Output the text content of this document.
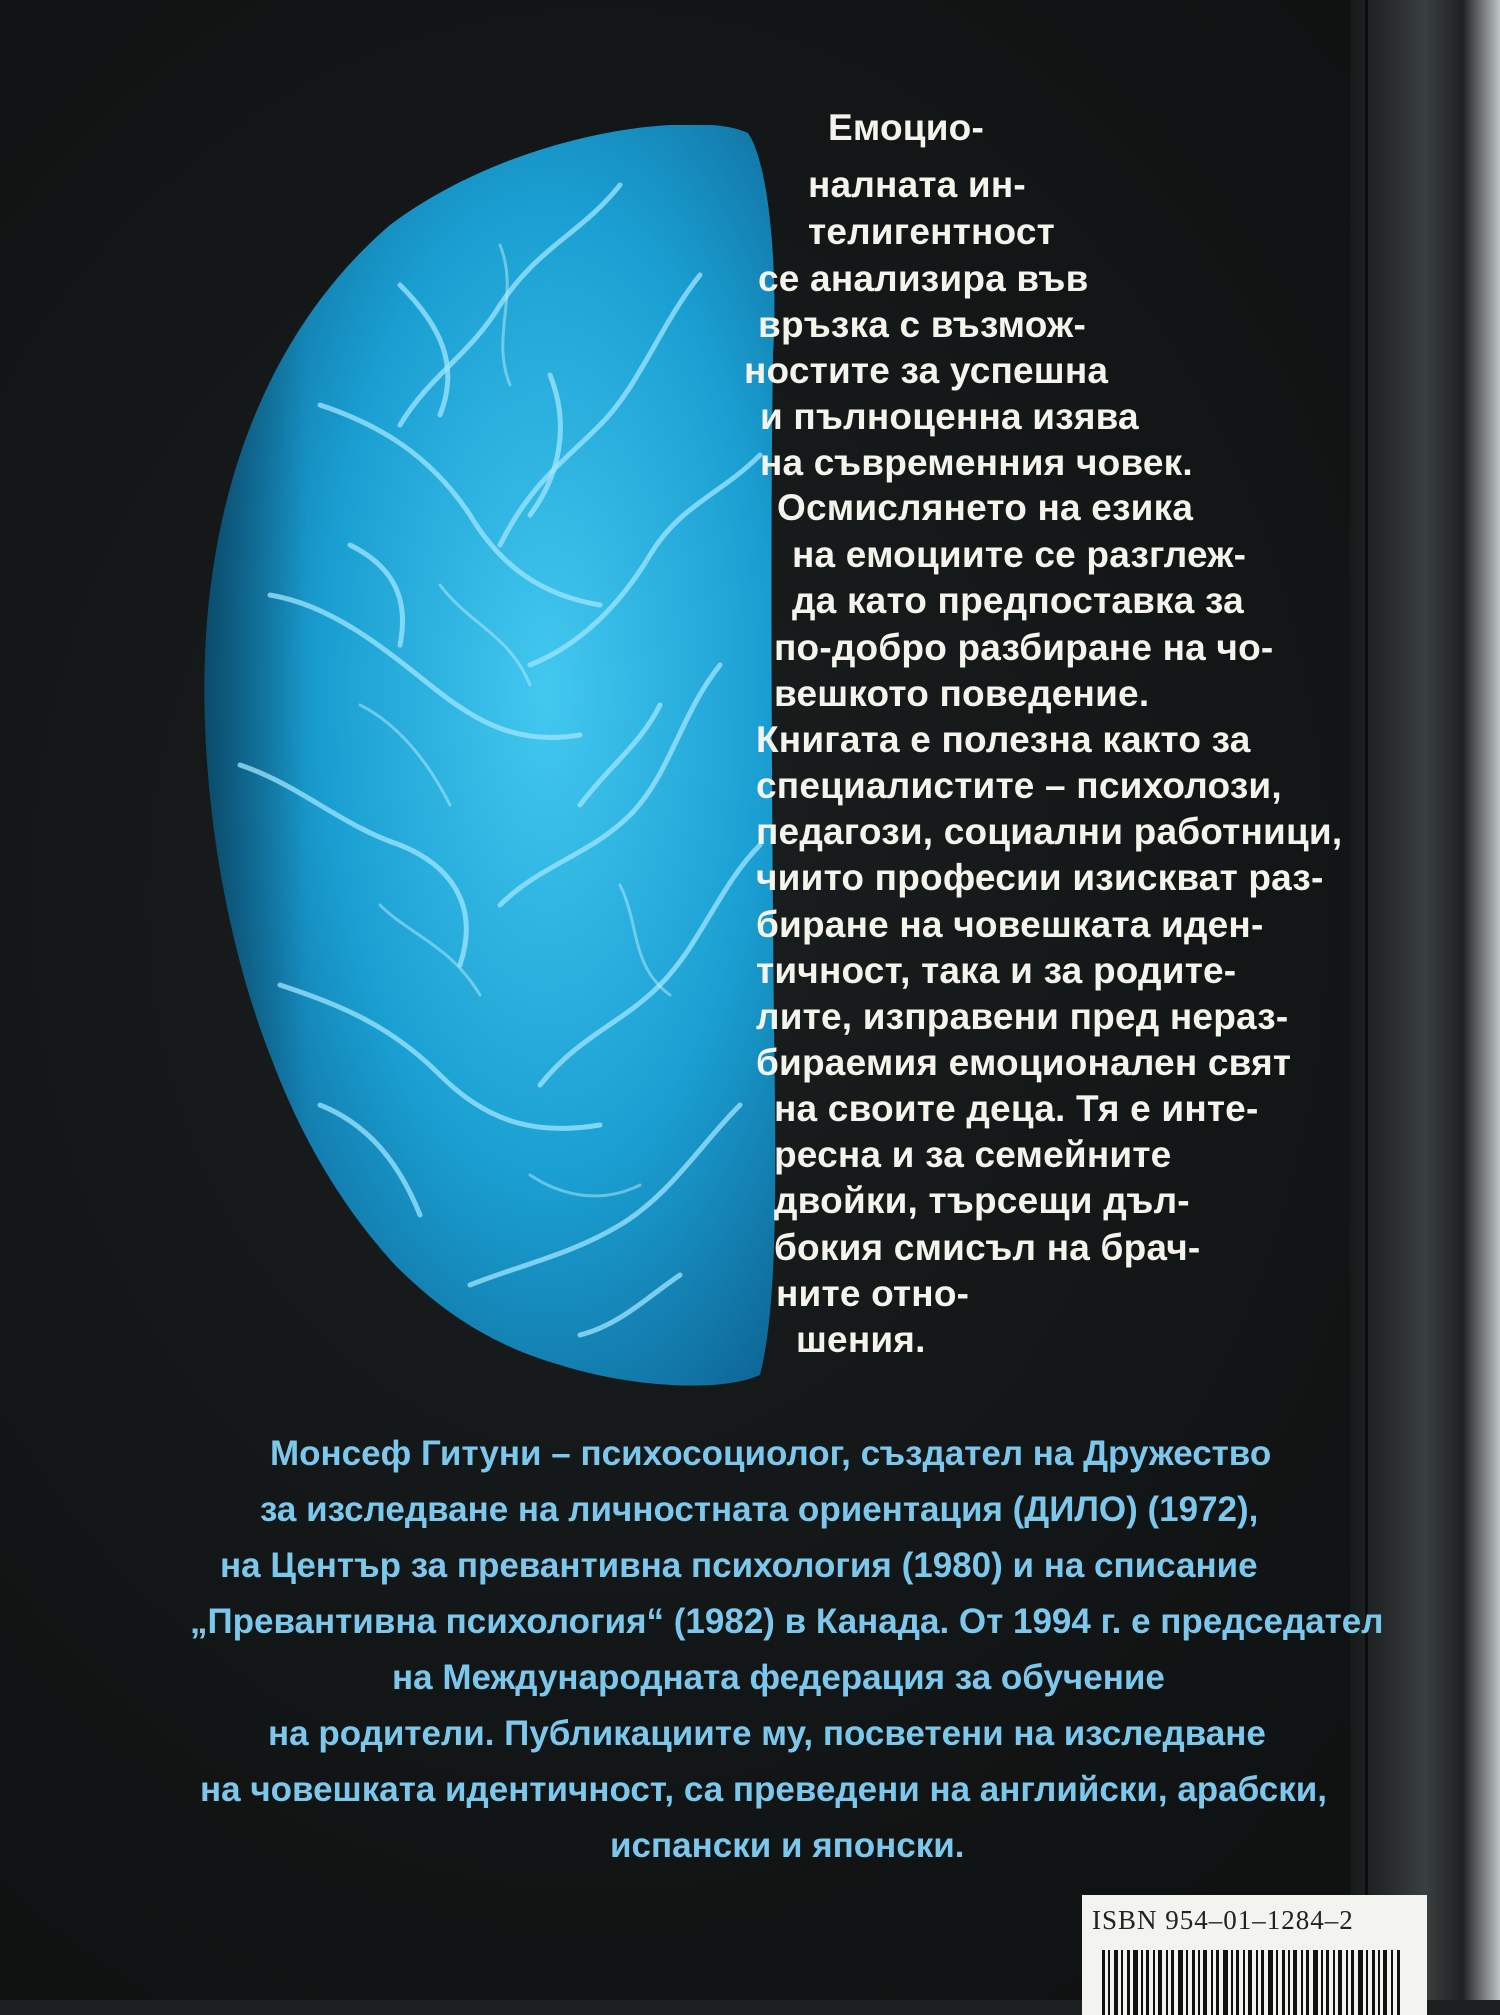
Емоцио-
налната ин-
телигентност
се анализира във
връзка с възмож-
ностите за успешна
и пълноценна изява
на съвременния човек.
Осмислянето на езика
на емоциите се разглеж-
да като предпоставка за
по-добро разбиране на чо-
вешкото поведение.
Книгата е полезна както за
специалистите – психолози,
педагози, социални работници,
чиито професии изискват раз-
биране на човешката иден-
тичност, така и за родите-
лите, изправени пред нераз-
бираемия емоционален свят
на своите деца. Тя е инте-
ресна и за семейните
двойки, търсещи дъл-
бокия смисъл на брач-
ните отно-
шения.
Монсеф Гитуни – психосоциолог, създател на Дружество
за изследване на личностната ориентация (ДИЛО) (1972),
на Център за превантивна психология (1980) и на списание
„Превантивна психология“ (1982) в Канада. От 1994 г. е председател
на Международната федерация за обучение
на родители. Публикациите му, посветени на изследване
на човешката идентичност, са преведени на английски, арабски,
испански и японски.
ISBN 954–01–1284–2
